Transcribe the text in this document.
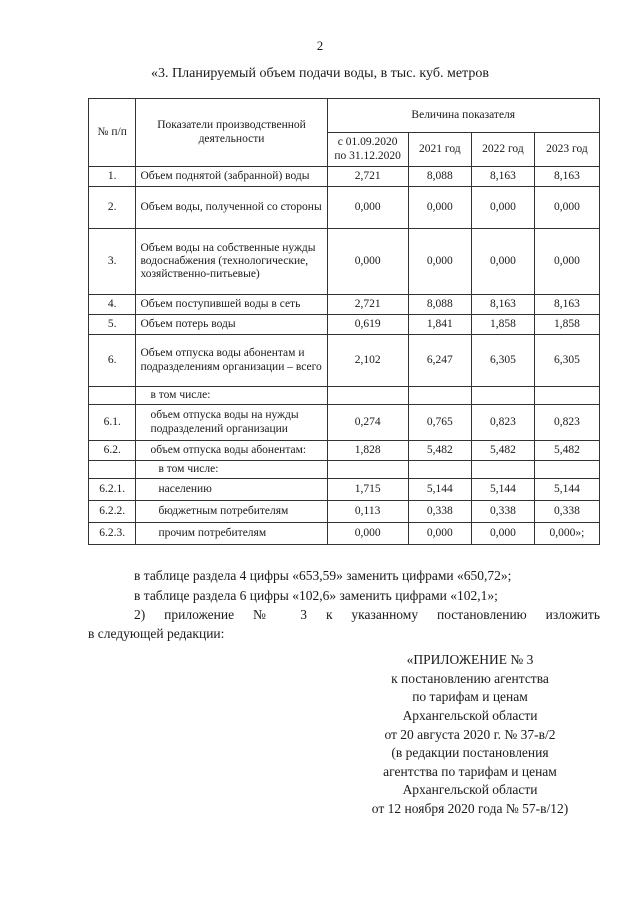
2
«3. Планируемый объем подачи воды, в тыс. куб. метров
№ п/п	Показатели производственной деятельности	Величина показателя			
		с 01.09.2020 по 31.12.2020	2021 год	2022 год	2023 год
1.	Объем поднятой (забранной) воды	2,721	8,088	8,163	8,163
2.	Объем воды, полученной со стороны	0,000	0,000	0,000	0,000
3.	Объем воды на собственные нужды водоснабжения (технологические, хозяйственно-питьевые)	0,000	0,000	0,000	0,000
4.	Объем поступившей воды в сеть	2,721	8,088	8,163	8,163
5.	Объем потерь воды	0,619	1,841	1,858	1,858
6.	Объем отпуска воды абонентам и подразделениям организации – всего	2,102	6,247	6,305	6,305
	в том числе:				
6.1.	объем отпуска воды на нужды подразделений организации	0,274	0,765	0,823	0,823
6.2.	объем отпуска воды абонентам:	1,828	5,482	5,482	5,482
	в том числе:				
6.2.1.	населению	1,715	5,144	5,144	5,144
6.2.2.	бюджетным потребителям	0,113	0,338	0,338	0,338
6.2.3.	прочим потребителям	0,000	0,000	0,000	0,000»;

в таблице раздела 4 цифры «653,59» заменить цифрами «650,72»;

в таблице раздела 6 цифры «102,6» заменить цифрами «102,1»;

2) приложение № 3 к указанному постановлению изложить

в следующей редакции:

«ПРИЛОЖЕНИЕ № 3
к постановлению агентства
по тарифам и ценам
Архангельской области
от 20 августа 2020 г. № 37-в/2
(в редакции постановления
агентства по тарифам и ценам
Архангельской области
от 12 ноября 2020 года № 57-в/12)
